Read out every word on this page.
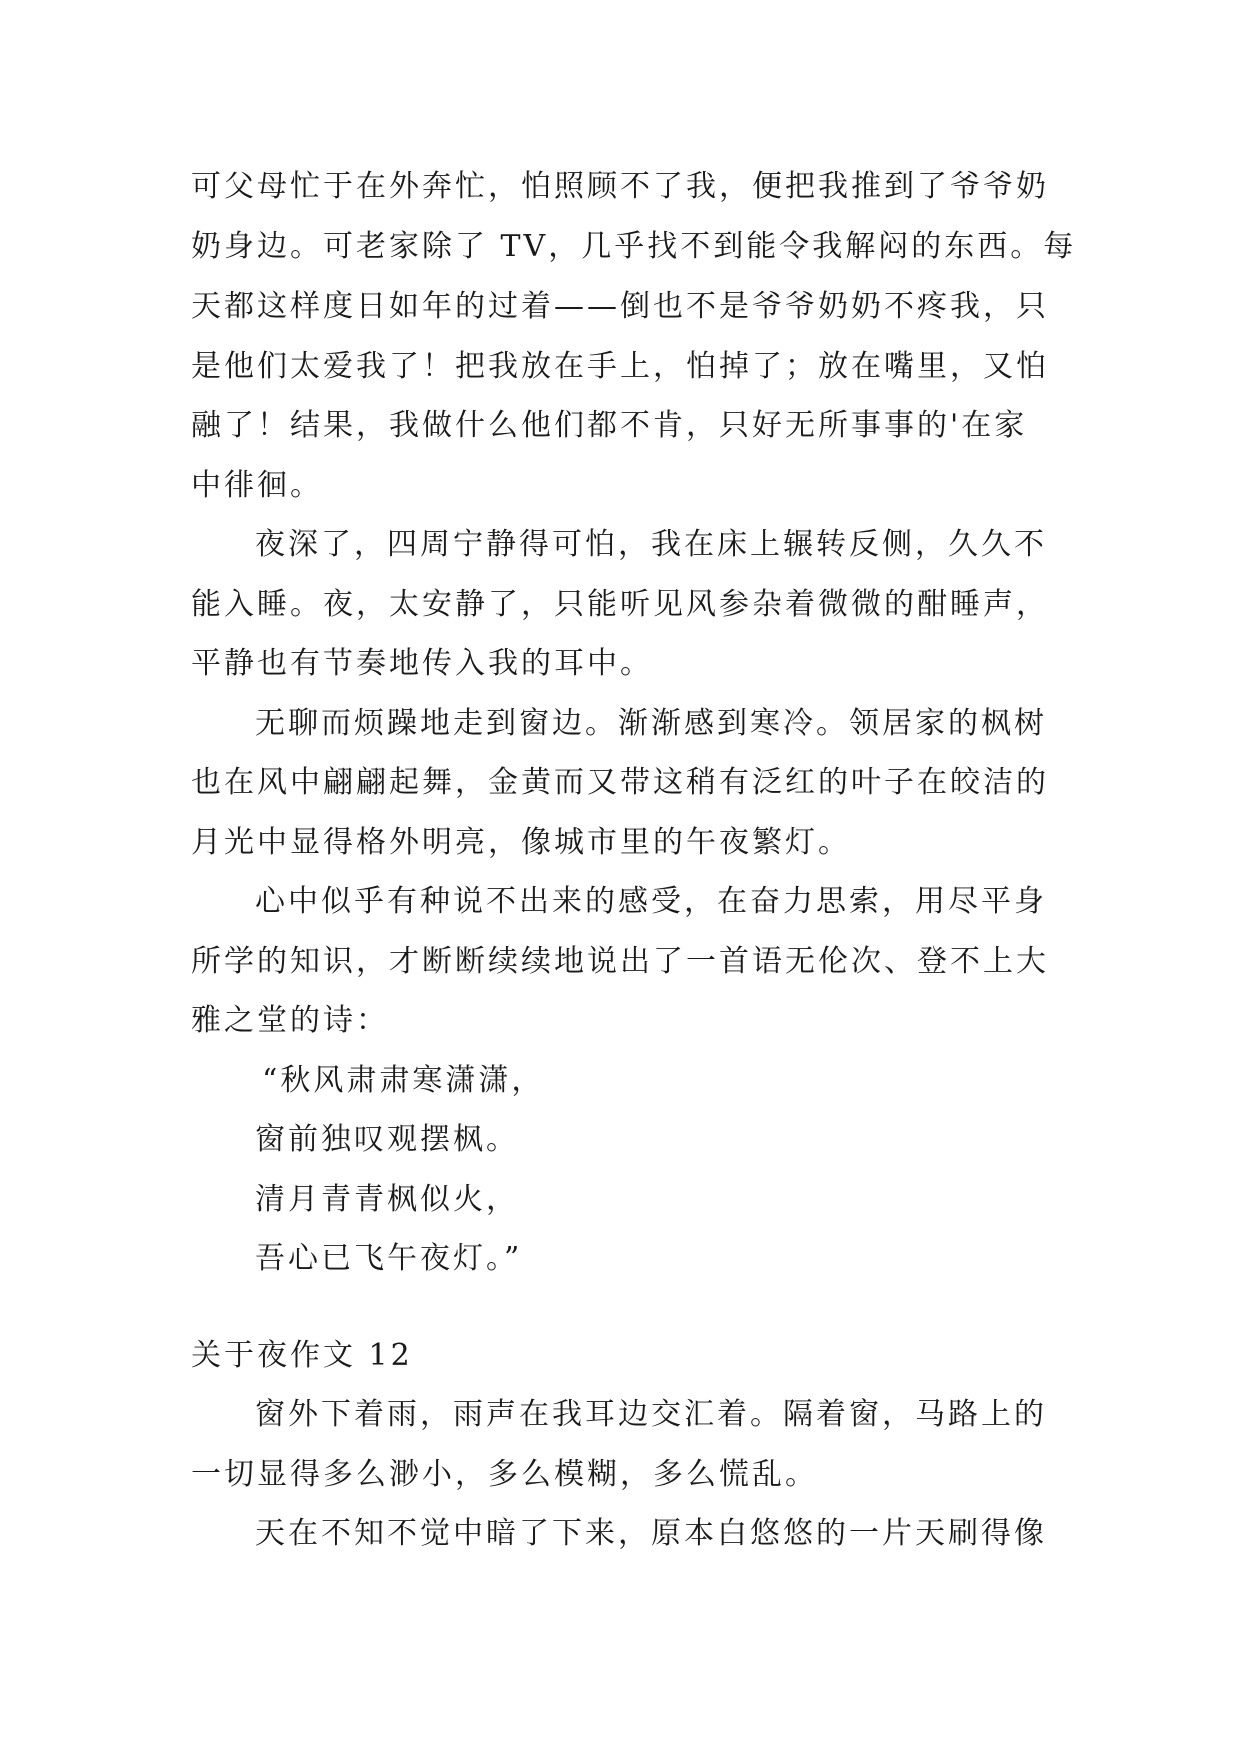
可父母忙于在外奔忙，怕照顾不了我，便把我推到了爷爷奶
奶身边。可老家除了 TV，几乎找不到能令我解闷的东西。每
天都这样度日如年的过着——倒也不是爷爷奶奶不疼我，只
是他们太爱我了！把我放在手上，怕掉了；放在嘴里，又怕
融了！结果，我做什么他们都不肯，只好无所事事的'在家
中徘徊。
夜深了，四周宁静得可怕，我在床上辗转反侧，久久不
能入睡。夜，太安静了，只能听见风参杂着微微的酣睡声，
平静也有节奏地传入我的耳中。
无聊而烦躁地走到窗边。渐渐感到寒冷。领居家的枫树
也在风中翩翩起舞，金黄而又带这稍有泛红的叶子在皎洁的
月光中显得格外明亮，像城市里的午夜繁灯。
心中似乎有种说不出来的感受，在奋力思索，用尽平身
所学的知识，才断断续续地说出了一首语无伦次、登不上大
雅之堂的诗：
“秋风肃肃寒潇潇，
窗前独叹观摆枫。
清月青青枫似火，
吾心已飞午夜灯。”
关于夜作文 12
窗外下着雨，雨声在我耳边交汇着。隔着窗，马路上的
一切显得多么渺小，多么模糊，多么慌乱。
天在不知不觉中暗了下来，原本白悠悠的一片天刷得像
